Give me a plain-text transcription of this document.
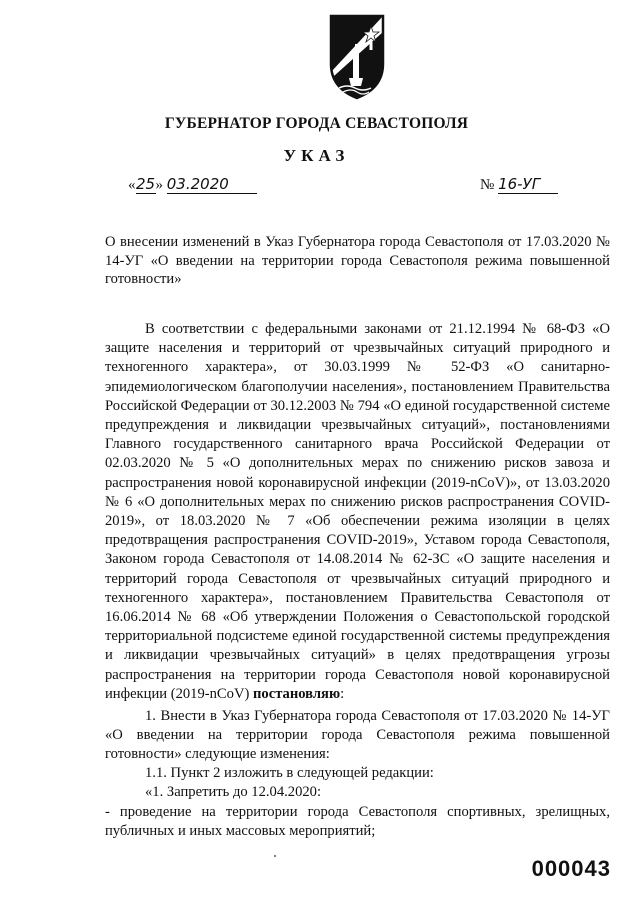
ГУБЕРНАТОР ГОРОДА СЕВАСТОПОЛЯ
УКАЗ
«25» 03.2020	№ 16-УГ
О внесении изменений в Указ Губернатора города Севастополя от 17.03.2020 № 14-УГ «О введении на территории города Севастополя режима повышенной готовности»
В соответствии с федеральными законами от 21.12.1994 № 68-ФЗ «О защите населения и территорий от чрезвычайных ситуаций природного и техногенного характера», от 30.03.1999 № 52-ФЗ «О санитарно-эпидемиологическом благополучии населения», постановлением Правительства Российской Федерации от 30.12.2003 № 794 «О единой государственной системе предупреждения и ликвидации чрезвычайных ситуаций», постановлениями Главного государственного санитарного врача Российской Федерации от 02.03.2020 № 5 «О дополнительных мерах по снижению рисков завоза и распространения новой коронавирусной инфекции (2019-nCoV)», от 13.03.2020 № 6 «О дополнительных мерах по снижению рисков распространения COVID-2019», от 18.03.2020 № 7 «Об обеспечении режима изоляции в целях предотвращения распространения COVID-2019», Уставом города Севастополя, Законом города Севастополя от 14.08.2014 № 62-ЗС «О защите населения и территорий города Севастополя от чрезвычайных ситуаций природного и техногенного характера», постановлением Правительства Севастополя от 16.06.2014 № 68 «Об утверждении Положения о Севастопольской городской территориальной подсистеме единой государственной системы предупреждения и ликвидации чрезвычайных ситуаций» в целях предотвращения угрозы распространения на территории города Севастополя новой коронавирусной инфекции (2019-nCoV) постановляю:
1. Внести в Указ Губернатора города Севастополя от 17.03.2020 № 14-УГ «О введении на территории города Севастополя режима повышенной готовности» следующие изменения:
1.1. Пункт 2 изложить в следующей редакции:
«1. Запретить до 12.04.2020:
- проведение на территории города Севастополя спортивных, зрелищных, публичных и иных массовых мероприятий;
000043
